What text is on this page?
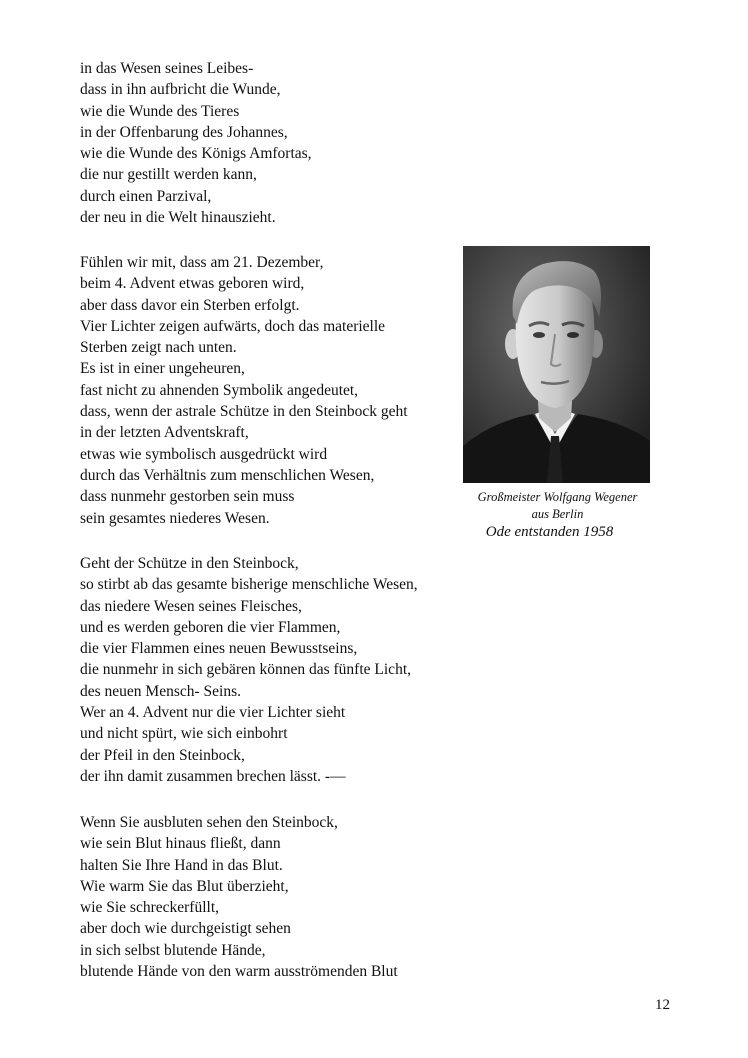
in das Wesen seines Leibes-
dass in ihn aufbricht die Wunde,
wie die Wunde des Tieres
in der Offenbarung des Johannes,
wie die Wunde des Königs Amfortas,
die nur gestillt werden kann,
durch einen Parzival,
der neu in die Welt hinauszieht.
Fühlen wir mit, dass am 21. Dezember,
beim 4. Advent etwas geboren wird,
aber dass davor ein Sterben erfolgt.
Vier Lichter zeigen aufwärts, doch das materielle
Sterben zeigt nach unten.
Es ist in einer ungeheuren,
fast nicht zu ahnenden Symbolik angedeutet,
dass, wenn der astrale Schütze in den Steinbock geht
in der letzten Adventskraft,
etwas wie symbolisch ausgedrückt wird
durch das Verhältnis zum menschlichen Wesen,
dass nunmehr gestorben sein muss
sein gesamtes niederes Wesen.
Geht der Schütze in den Steinbock,
so stirbt ab das gesamte bisherige menschliche Wesen,
das niedere Wesen seines Fleisches,
und es werden geboren die vier Flammen,
die vier Flammen eines neuen Bewusstseins,
die nunmehr in sich gebären können das fünfte Licht,
des neuen Mensch- Seins.
Wer an 4. Advent nur die vier Lichter sieht
und nicht spürt, wie sich einbohrt
der Pfeil in den Steinbock,
der ihn damit zusammen brechen lässt. -—
Wenn Sie ausbluten sehen den Steinbock,
wie sein Blut hinaus fließt, dann
halten Sie Ihre Hand in das Blut.
Wie warm Sie das Blut überzieht,
wie Sie schreckerfüllt,
aber doch wie durchgeistigt sehen
in sich selbst blutende Hände,
blutende Hände von den warm ausströmenden Blut
Großmeister Wolfgang Wegener
aus Berlin
Ode entstanden 1958
12
